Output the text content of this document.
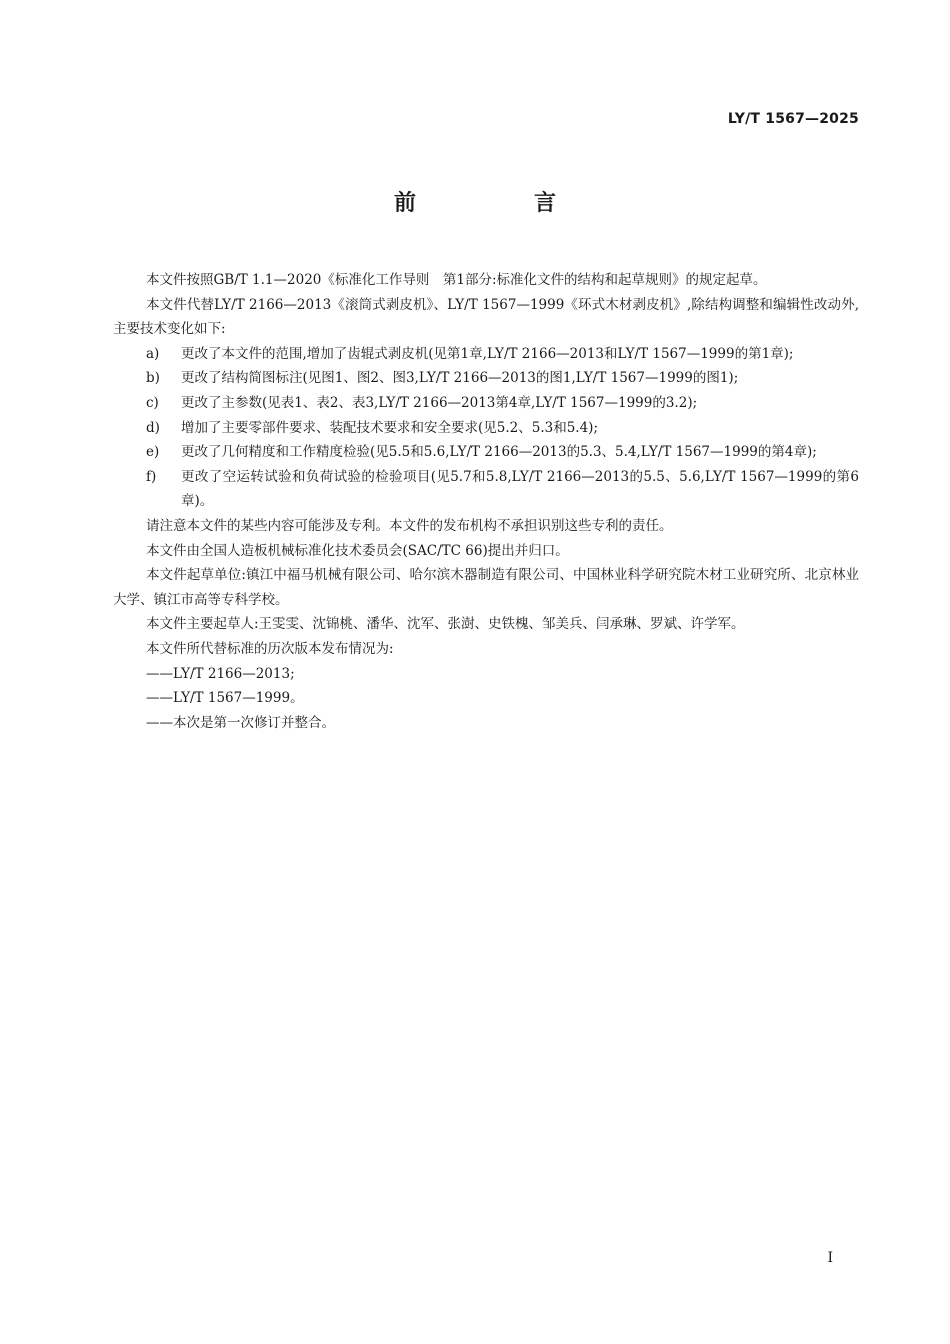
LY/T 1567—2025
前　言

本文件按照GB/T 1.1—2020《标准化工作导则　第1部分:标准化文件的结构和起草规则》的规定起草。

本文件代替LY/T 2166—2013《滚筒式剥皮机》、LY/T 1567—1999《环式木材剥皮机》,除结构调整和编辑性改动外,主要技术变化如下:

a) 更改了本文件的范围,增加了齿辊式剥皮机(见第1章,LY/T 2166—2013和LY/T 1567—1999的第1章);

b) 更改了结构简图标注(见图1、图2、图3,LY/T 2166—2013的图1,LY/T 1567—1999的图1);

c) 更改了主参数(见表1、表2、表3,LY/T 2166—2013第4章,LY/T 1567—1999的3.2);

d) 增加了主要零部件要求、装配技术要求和安全要求(见5.2、5.3和5.4);

e) 更改了几何精度和工作精度检验(见5.5和5.6,LY/T 2166—2013的5.3、5.4,LY/T 1567—1999的第4章);

f) 更改了空运转试验和负荷试验的检验项目(见5.7和5.8,LY/T 2166—2013的5.5、5.6,LY/T 1567—1999的第6章)。

请注意本文件的某些内容可能涉及专利。本文件的发布机构不承担识别这些专利的责任。

本文件由全国人造板机械标准化技术委员会(SAC/TC 66)提出并归口。

本文件起草单位:镇江中福马机械有限公司、哈尔滨木器制造有限公司、中国林业科学研究院木材工业研究所、北京林业大学、镇江市高等专科学校。

本文件主要起草人:王雯雯、沈锦桃、潘华、沈军、张澍、史铁槐、邹美兵、闫承琳、罗斌、许学军。

本文件所代替标准的历次版本发布情况为:

——LY/T 2166—2013;

——LY/T 1567—1999。

——本次是第一次修订并整合。

I
